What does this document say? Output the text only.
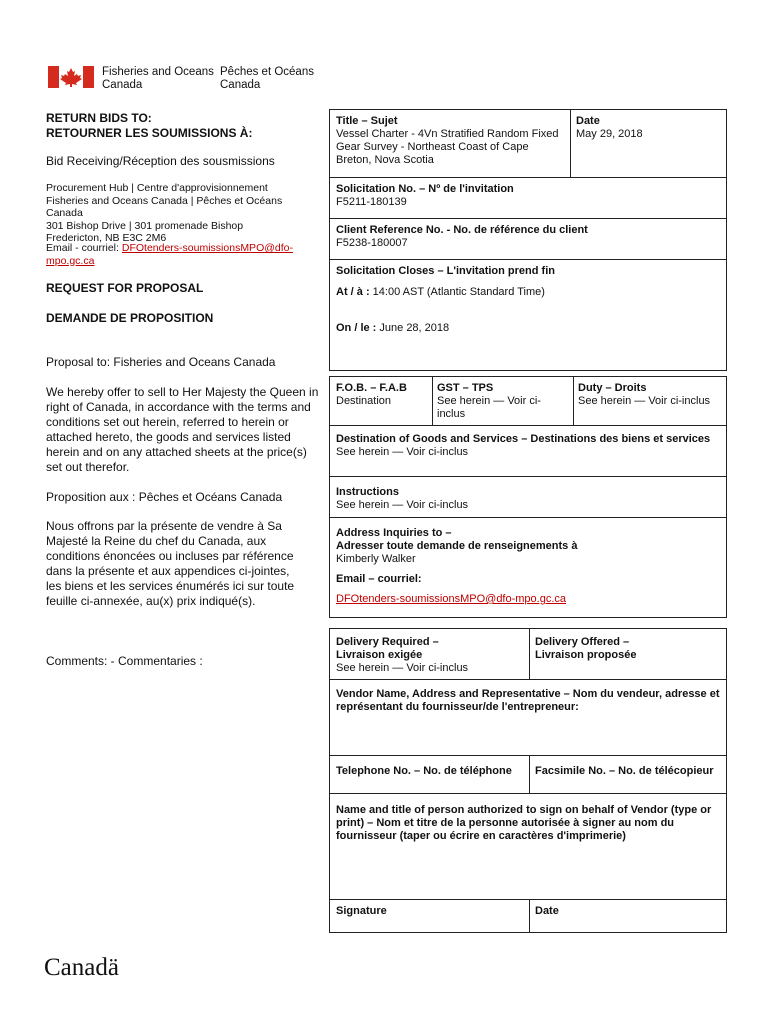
Fisheries and Oceans
Canada
Pêches et Océans
Canada
RETURN BIDS TO:
RETOURNER LES SOUMISSIONS À:
Bid Receiving/Réception des sousmissions
Procurement Hub | Centre d'approvisionnement
Fisheries and Oceans Canada | Pêches et Océans Canada
301 Bishop Drive | 301 promenade Bishop
Fredericton, NB E3C 2M6
Email - courriel: DFOtenders-soumissionsMPO@dfo-
mpo.gc.ca
REQUEST FOR PROPOSAL
DEMANDE DE PROPOSITION
Proposal to: Fisheries and Oceans Canada
We hereby offer to sell to Her Majesty the Queen in right of Canada, in accordance with the terms and conditions set out herein, referred to herein or attached hereto, the goods and services listed herein and on any attached sheets at the price(s) set out therefor.
Proposition aux : Pêches et Océans Canada
Nous offrons par la présente de vendre à Sa Majesté la Reine du chef du Canada, aux conditions énoncées ou incluses par référence dans la présente et aux appendices ci-jointes, les biens et les services énumérés ici sur toute feuille ci-annexée, au(x) prix indiqué(s).
Comments: - Commentaries :
Title – Sujet
Vessel Charter - 4Vn Stratified Random Fixed Gear Survey - Northeast Coast of Cape Breton, Nova Scotia
Date
May 29, 2018
Solicitation No. – Nº de l'invitation
F5211-180139
Client Reference No. - No. de référence du client
F5238-180007
Solicitation Closes – L'invitation prend fin
At / à : 14:00 AST (Atlantic Standard Time)
On / le : June 28, 2018
F.O.B. – F.A.B
Destination
GST – TPS
See herein — Voir ci-inclus
Duty – Droits
See herein — Voir ci-inclus
Destination of Goods and Services – Destinations des biens et services
See herein — Voir ci-inclus
Instructions
See herein — Voir ci-inclus
Address Inquiries to –
Adresser toute demande de renseignements à
Kimberly Walker
Email – courriel:
DFOtenders-soumissionsMPO@dfo-mpo.gc.ca
Delivery Required –
Livraison exigée
See herein — Voir ci-inclus
Delivery Offered –
Livraison proposée
Vendor Name, Address and Representative – Nom du vendeur, adresse et représentant du fournisseur/de l'entrepreneur:
Telephone No. – No. de téléphone	Facsimile No. – No. de télécopieur
Name and title of person authorized to sign on behalf of Vendor (type or print) – Nom et titre de la personne autorisée à signer au nom du fournisseur (taper ou écrire en caractères d'imprimerie)
Signature	Date
Canadä
